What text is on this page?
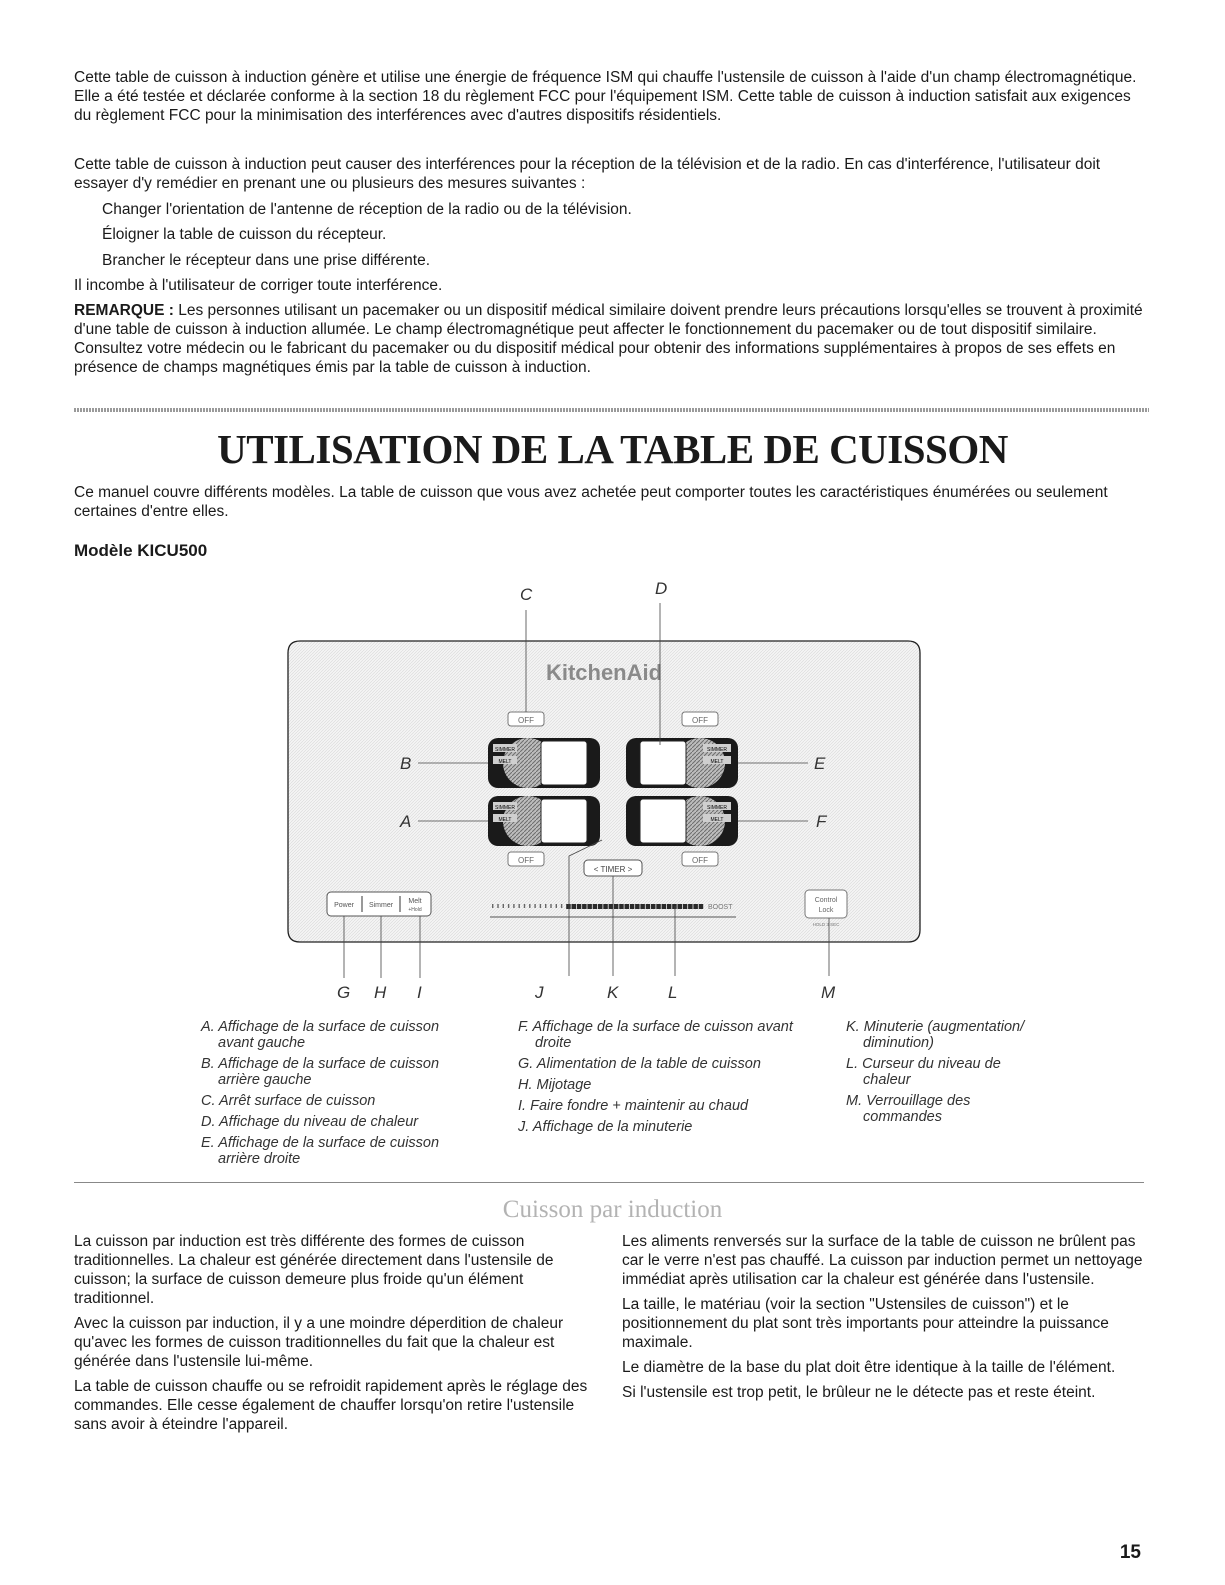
Cette table de cuisson à induction génère et utilise une énergie de fréquence ISM qui chauffe l'ustensile de cuisson à l'aide d'un champ électromagnétique. Elle a été testée et déclarée conforme à la section 18 du règlement FCC pour l'équipement ISM. Cette table de cuisson à induction satisfait aux exigences du règlement FCC pour la minimisation des interférences avec d'autres dispositifs résidentiels.

Cette table de cuisson à induction peut causer des interférences pour la réception de la télévision et de la radio. En cas d'interférence, l'utilisateur doit essayer d'y remédier en prenant une ou plusieurs des mesures suivantes :

Changer l'orientation de l'antenne de réception de la radio ou de la télévision.

Éloigner la table de cuisson du récepteur.

Brancher le récepteur dans une prise différente.

Il incombe à l'utilisateur de corriger toute interférence.

REMARQUE : Les personnes utilisant un pacemaker ou un dispositif médical similaire doivent prendre leurs précautions lorsqu'elles se trouvent à proximité d'une table de cuisson à induction allumée. Le champ électromagnétique peut affecter le fonctionnement du pacemaker ou de tout dispositif similaire. Consultez votre médecin ou le fabricant du pacemaker ou du dispositif médical pour obtenir des informations supplémentaires à propos de ses effets en présence de champs magnétiques émis par la table de cuisson à induction.

UTILISATION DE LA TABLE DE CUISSON

Ce manuel couvre différents modèles. La table de cuisson que vous avez achetée peut comporter toutes les caractéristiques énumérées ou seulement certaines d'entre elles.

Modèle KICU500
KitchenAid
OFF	OFF
OFF	OFF
SIMMER
MELT
SIMMER
MELT
SIMMER
MELT
SIMMER
MELT
< TIMER >
Power Simmer
Melt
+Hold	BOOST
Control
Lock
HOLD 3 SEC
C	D
B
A
E
F
G H I	J	K	L	M
A. Affichage de la surface de cuisson
avant gauche
B. Affichage de la surface de cuisson
arrière gauche
C. Arrêt surface de cuisson
D. Affichage du niveau de chaleur
E. Affichage de la surface de cuisson
arrière droite
F. Affichage de la surface de cuisson avant
droite
G. Alimentation de la table de cuisson
H. Mijotage
I. Faire fondre + maintenir au chaud
J. Affichage de la minuterie
K. Minuterie (augmentation/
diminution)
L. Curseur du niveau de
chaleur
M. Verrouillage des
commandes
Cuisson par induction

La cuisson par induction est très différente des formes de cuisson traditionnelles. La chaleur est générée directement dans l'ustensile de cuisson; la surface de cuisson demeure plus froide qu'un élément traditionnel.

Avec la cuisson par induction, il y a une moindre déperdition de chaleur qu'avec les formes de cuisson traditionnelles du fait que la chaleur est générée dans l'ustensile lui-même.

La table de cuisson chauffe ou se refroidit rapidement après le réglage des commandes. Elle cesse également de chauffer lorsqu'on retire l'ustensile sans avoir à éteindre l'appareil.

Les aliments renversés sur la surface de la table de cuisson ne brûlent pas car le verre n'est pas chauffé. La cuisson par induction permet un nettoyage immédiat après utilisation car la chaleur est générée dans l'ustensile.

La taille, le matériau (voir la section "Ustensiles de cuisson") et le positionnement du plat sont très importants pour atteindre la puissance maximale.

Le diamètre de la base du plat doit être identique à la taille de l'élément.

Si l'ustensile est trop petit, le brûleur ne le détecte pas et reste éteint.

15
